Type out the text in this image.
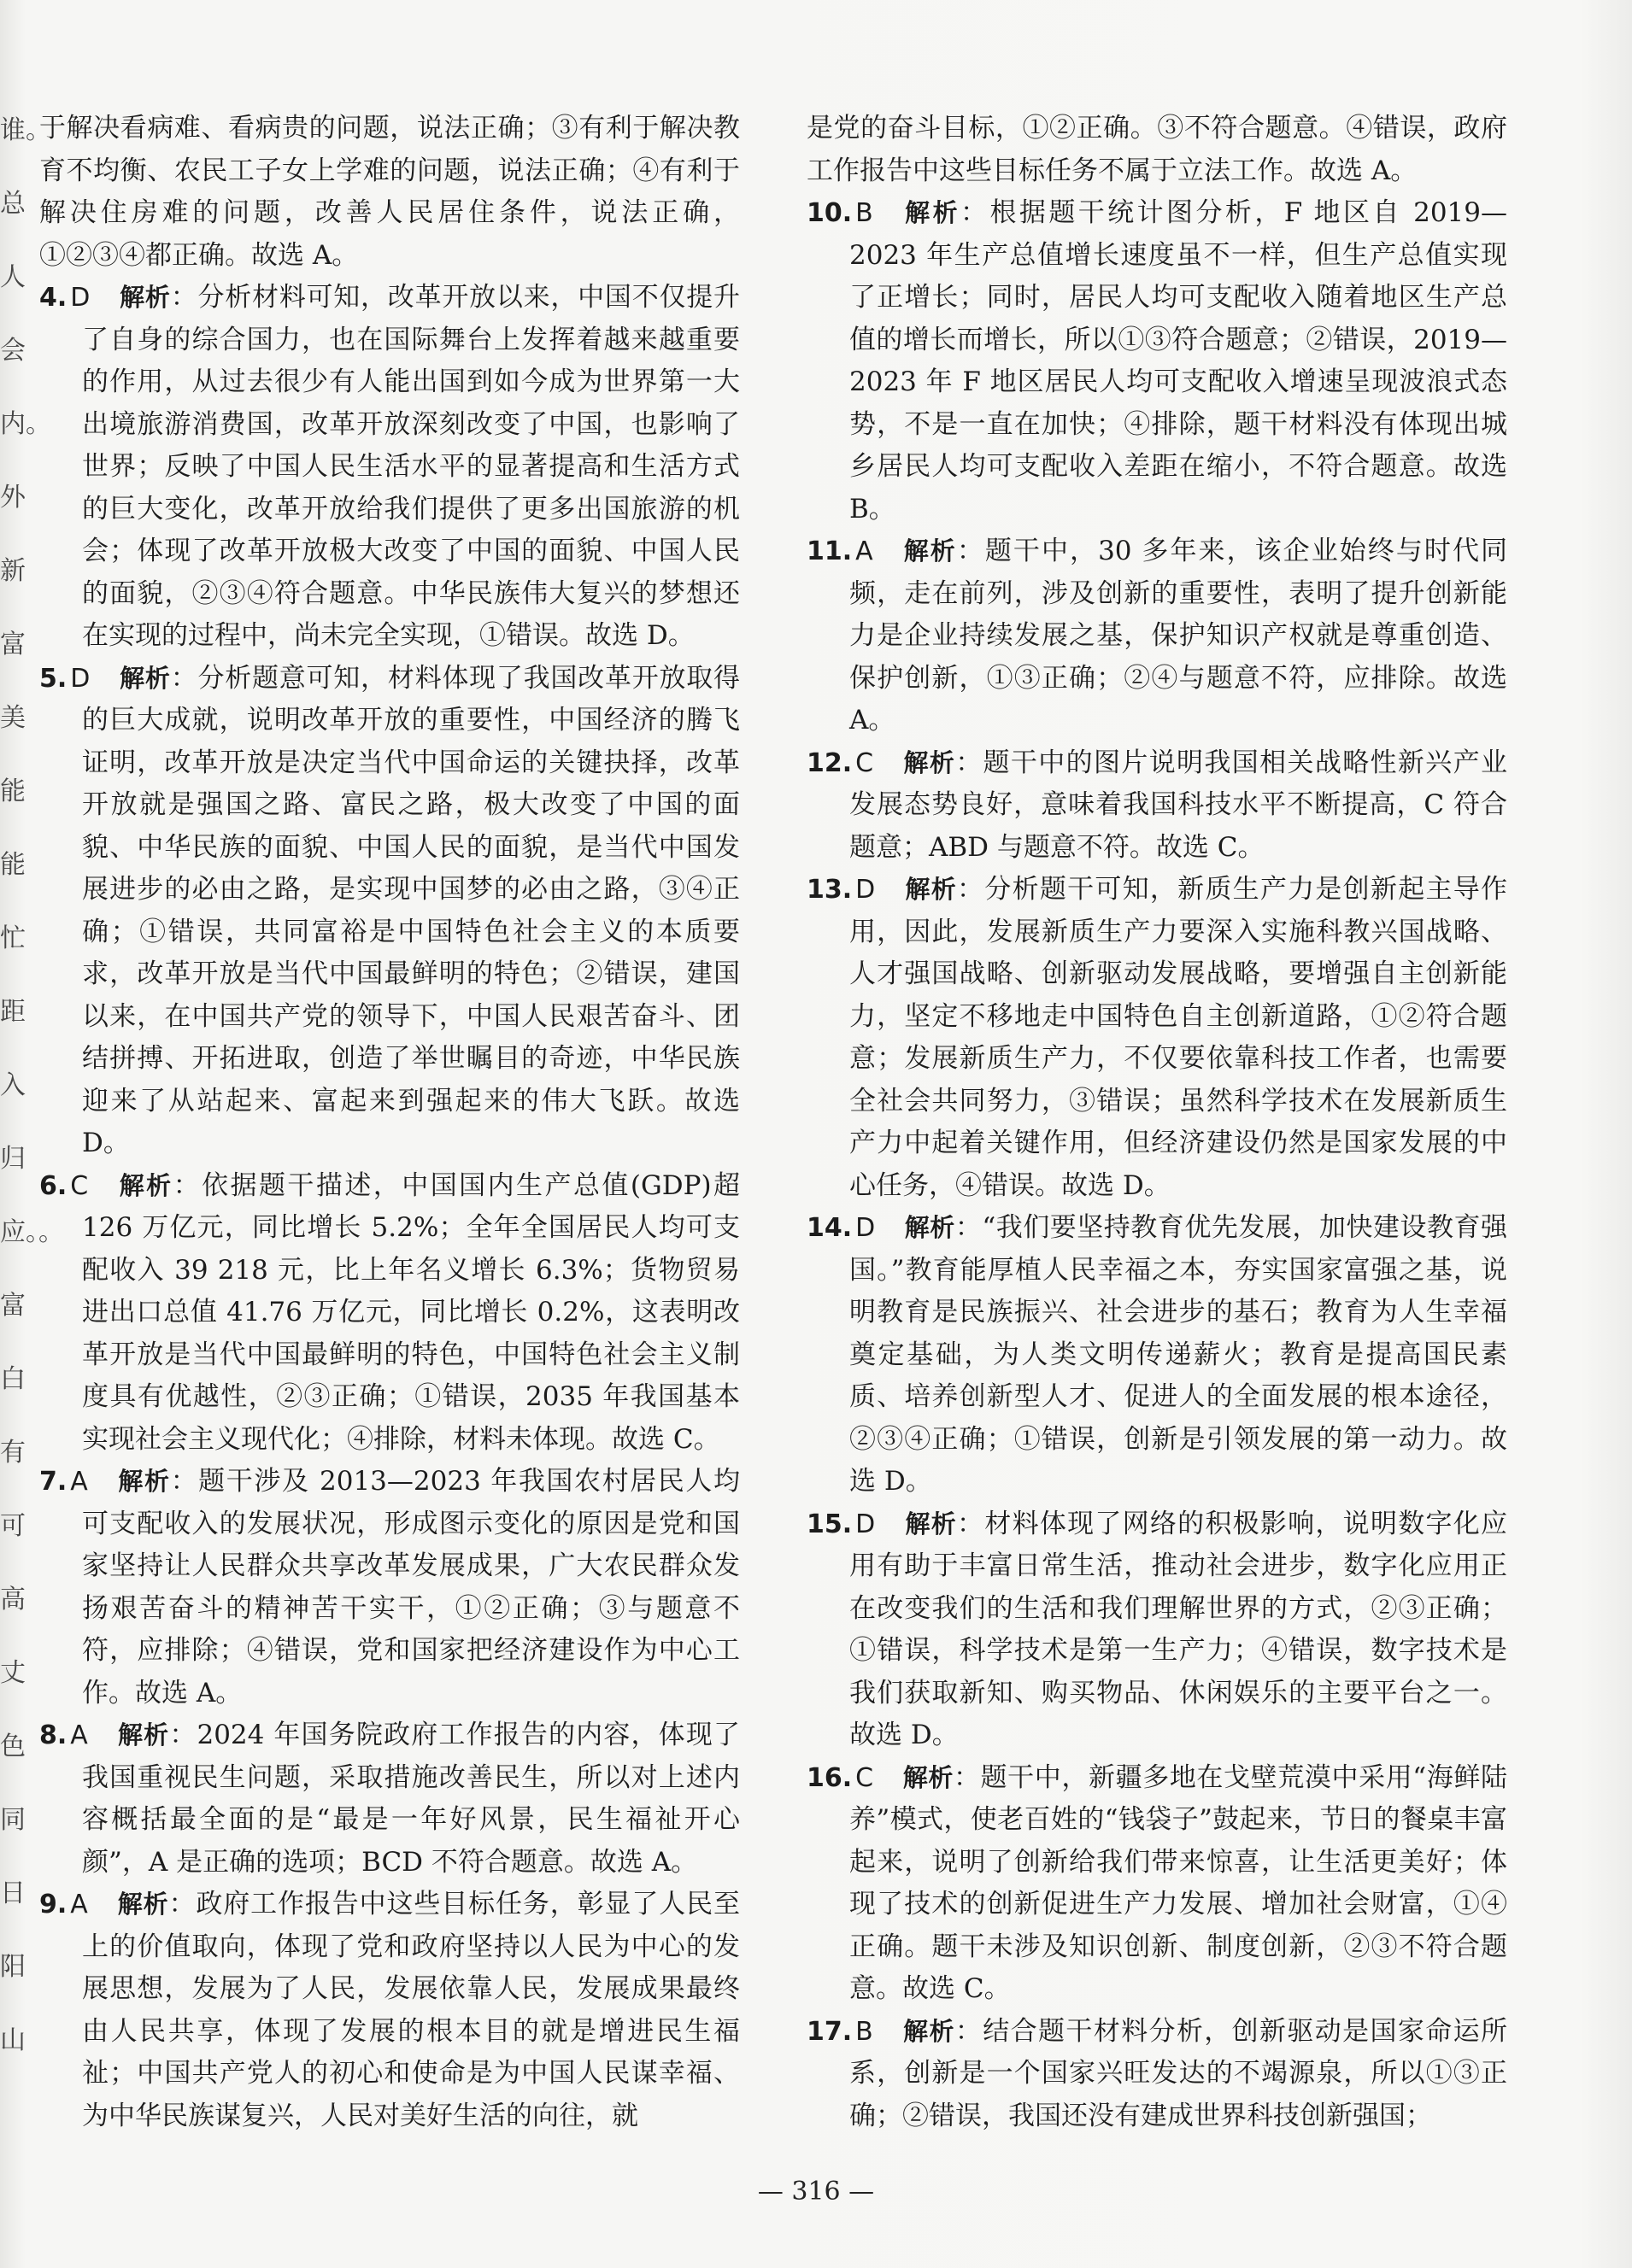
谁。总人会内。外新富美能能忙距入归应。。富白有可高丈色同日阳山

于解决看病难、看病贵的问题，说法正确；③有利于解决教育不均衡、农民工子女上学难的问题，说法正确；④有利于解决住房难的问题，改善人民居住条件，说法正确，①②③④都正确。故选 A。

4. D 解析：分析材料可知，改革开放以来，中国不仅提升了自身的综合国力，也在国际舞台上发挥着越来越重要的作用，从过去很少有人能出国到如今成为世界第一大出境旅游消费国，改革开放深刻改变了中国，也影响了世界；反映了中国人民生活水平的显著提高和生活方式的巨大变化，改革开放给我们提供了更多出国旅游的机会；体现了改革开放极大改变了中国的面貌、中国人民的面貌，②③④符合题意。中华民族伟大复兴的梦想还在实现的过程中，尚未完全实现，①错误。故选 D。

5. D 解析：分析题意可知，材料体现了我国改革开放取得的巨大成就，说明改革开放的重要性，中国经济的腾飞证明，改革开放是决定当代中国命运的关键抉择，改革开放就是强国之路、富民之路，极大改变了中国的面貌、中华民族的面貌、中国人民的面貌，是当代中国发展进步的必由之路，是实现中国梦的必由之路，③④正确；①错误，共同富裕是中国特色社会主义的本质要求，改革开放是当代中国最鲜明的特色；②错误，建国以来，在中国共产党的领导下，中国人民艰苦奋斗、团结拼搏、开拓进取，创造了举世瞩目的奇迹，中华民族迎来了从站起来、富起来到强起来的伟大飞跃。故选 D。

6. C 解析：依据题干描述，中国国内生产总值(GDP)超 126 万亿元，同比增长 5.2%；全年全国居民人均可支配收入 39 218 元，比上年名义增长 6.3%；货物贸易进出口总值 41.76 万亿元，同比增长 0.2%，这表明改革开放是当代中国最鲜明的特色，中国特色社会主义制度具有优越性，②③正确；①错误，2035 年我国基本实现社会主义现代化；④排除，材料未体现。故选 C。

7. A 解析：题干涉及 2013—2023 年我国农村居民人均可支配收入的发展状况，形成图示变化的原因是党和国家坚持让人民群众共享改革发展成果，广大农民群众发扬艰苦奋斗的精神苦干实干，①②正确；③与题意不符，应排除；④错误，党和国家把经济建设作为中心工作。故选 A。

8. A 解析：2024 年国务院政府工作报告的内容，体现了我国重视民生问题，采取措施改善民生，所以对上述内容概括最全面的是“最是一年好风景，民生福祉开心颜”，A 是正确的选项；BCD 不符合题意。故选 A。

9. A 解析：政府工作报告中这些目标任务，彰显了人民至上的价值取向，体现了党和政府坚持以人民为中心的发展思想，发展为了人民，发展依靠人民，发展成果最终由人民共享，体现了发展的根本目的就是增进民生福祉；中国共产党人的初心和使命是为中国人民谋幸福、为中华民族谋复兴，人民对美好生活的向往，就

是党的奋斗目标，①②正确。③不符合题意。④错误，政府工作报告中这些目标任务不属于立法工作。故选 A。

10. B 解析：根据题干统计图分析，F 地区自 2019—2023 年生产总值增长速度虽不一样，但生产总值实现了正增长；同时，居民人均可支配收入随着地区生产总值的增长而增长，所以①③符合题意；②错误，2019—2023 年 F 地区居民人均可支配收入增速呈现波浪式态势，不是一直在加快；④排除，题干材料没有体现出城乡居民人均可支配收入差距在缩小，不符合题意。故选 B。

11. A 解析：题干中，30 多年来，该企业始终与时代同频，走在前列，涉及创新的重要性，表明了提升创新能力是企业持续发展之基，保护知识产权就是尊重创造、保护创新，①③正确；②④与题意不符，应排除。故选 A。

12. C 解析：题干中的图片说明我国相关战略性新兴产业发展态势良好，意味着我国科技水平不断提高，C 符合题意；ABD 与题意不符。故选 C。

13. D 解析：分析题干可知，新质生产力是创新起主导作用，因此，发展新质生产力要深入实施科教兴国战略、人才强国战略、创新驱动发展战略，要增强自主创新能力，坚定不移地走中国特色自主创新道路，①②符合题意；发展新质生产力，不仅要依靠科技工作者，也需要全社会共同努力，③错误；虽然科学技术在发展新质生产力中起着关键作用，但经济建设仍然是国家发展的中心任务，④错误。故选 D。

14. D 解析：“我们要坚持教育优先发展，加快建设教育强国。”教育能厚植人民幸福之本，夯实国家富强之基，说明教育是民族振兴、社会进步的基石；教育为人生幸福奠定基础，为人类文明传递薪火；教育是提高国民素质、培养创新型人才、促进人的全面发展的根本途径，②③④正确；①错误，创新是引领发展的第一动力。故选 D。

15. D 解析：材料体现了网络的积极影响，说明数字化应用有助于丰富日常生活，推动社会进步，数字化应用正在改变我们的生活和我们理解世界的方式，②③正确；①错误，科学技术是第一生产力；④错误，数字技术是我们获取新知、购买物品、休闲娱乐的主要平台之一。故选 D。

16. C 解析：题干中，新疆多地在戈壁荒漠中采用“海鲜陆养”模式，使老百姓的“钱袋子”鼓起来，节日的餐桌丰富起来，说明了创新给我们带来惊喜，让生活更美好；体现了技术的创新促进生产力发展、增加社会财富，①④正确。题干未涉及知识创新、制度创新，②③不符合题意。故选 C。

17. B 解析：结合题干材料分析，创新驱动是国家命运所系，创新是一个国家兴旺发达的不竭源泉，所以①③正确；②错误，我国还没有建成世界科技创新强国；

— 316 —
